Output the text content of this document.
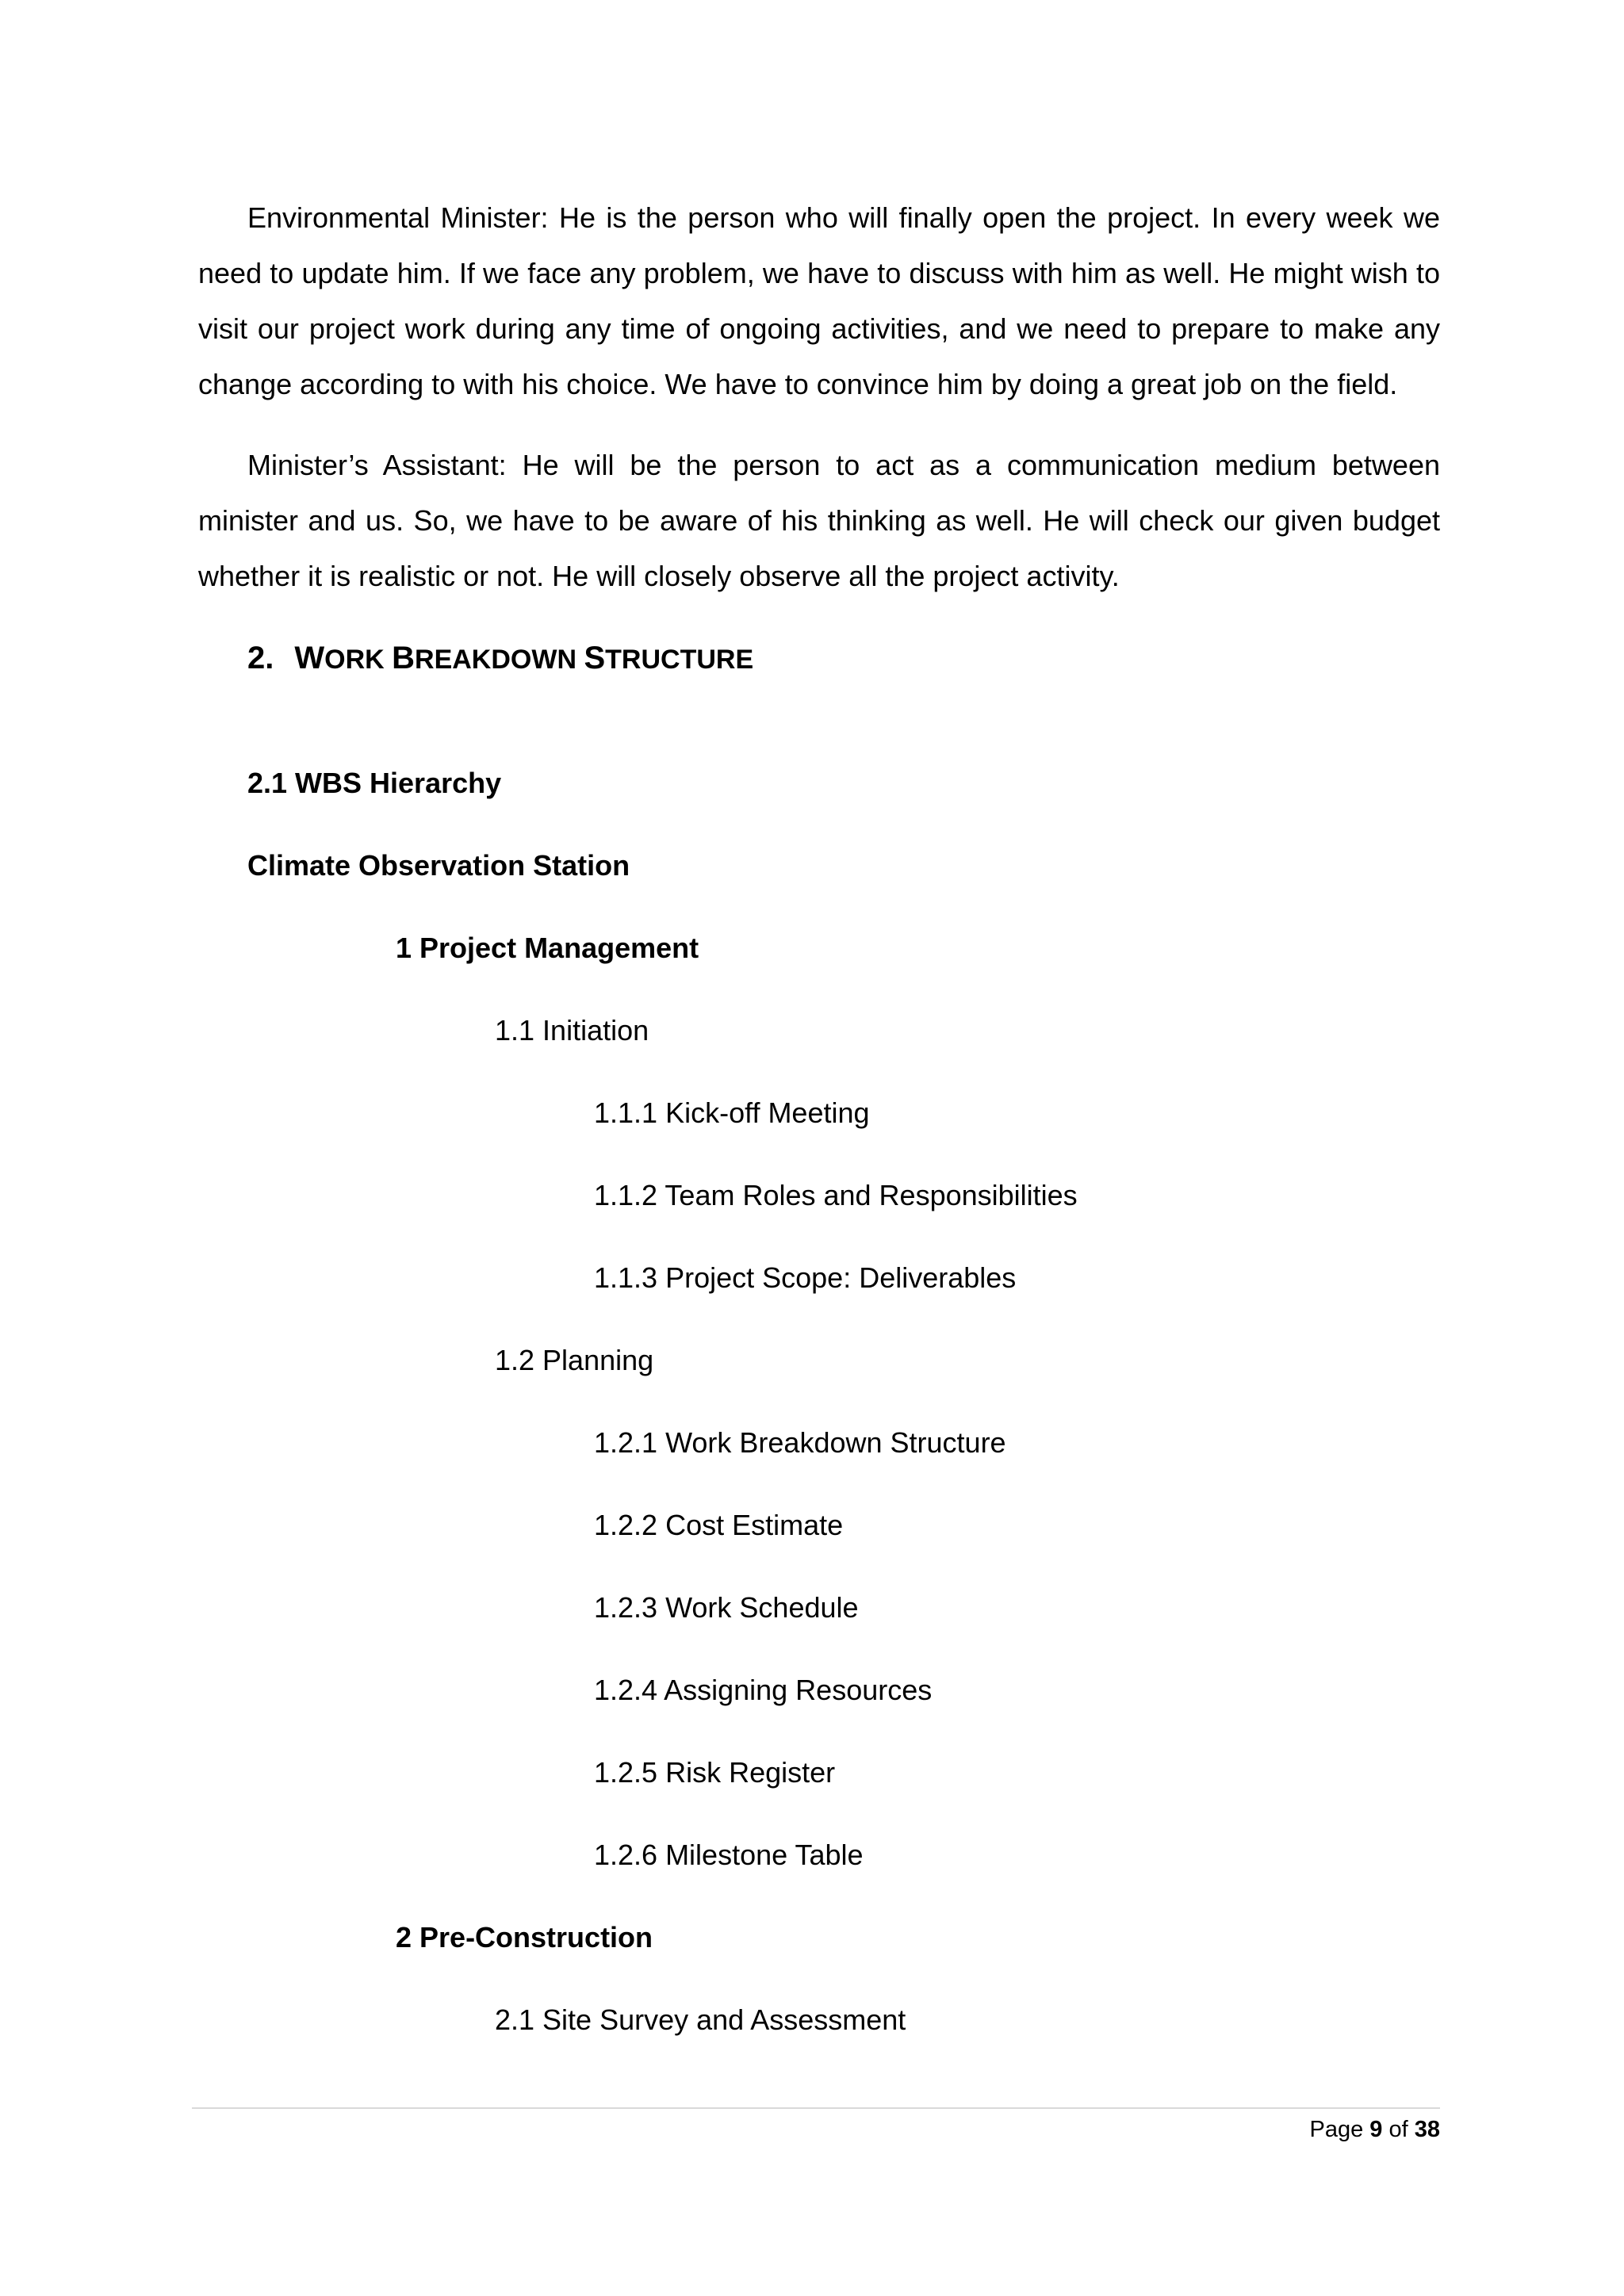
Environmental Minister: He is the person who will finally open the project. In every week we need to update him. If we face any problem, we have to discuss with him as well. He might wish to visit our project work during any time of ongoing activities, and we need to prepare to make any change according to with his choice. We have to convince him by doing a great job on the field.

Minister’s Assistant: He will be the person to act as a communication medium between minister and us. So, we have to be aware of his thinking as well. He will check our given budget whether it is realistic or not. He will closely observe all the project activity.

2. WORK BREAKDOWN STRUCTURE

2.1 WBS Hierarchy

Climate Observation Station

1 Project Management

1.1 Initiation

1.1.1 Kick-off Meeting

1.1.2 Team Roles and Responsibilities

1.1.3 Project Scope: Deliverables

1.2 Planning

1.2.1 Work Breakdown Structure

1.2.2 Cost Estimate

1.2.3 Work Schedule

1.2.4 Assigning Resources

1.2.5 Risk Register

1.2.6 Milestone Table

2 Pre-Construction

2.1 Site Survey and Assessment

Page 9 of 38
